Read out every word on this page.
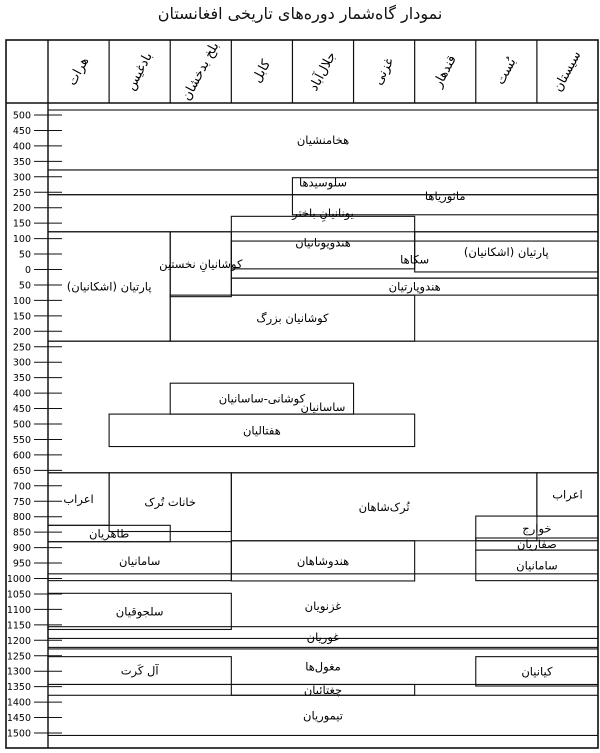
نمودار گاه‌شمار دوره‌های تاریخی افغانستان
هرات بادغیس بلخ بدخشان کابل جلال‌آباد غزنی	قندهار	بُست سیستان
500
450
400
350
300
250
200
150
100
50
0
50
100
150
200
250
300
350
400
450
500
550
600
650
700
750
800
850
900
950
1000
1050
1100
1150
1200
1250
1300
1350
1400
1450
1500
هخامنشیان
سلوسیدها
مائوریاها
یونانیانِ باختر
هندویونانیان
پارتیان (اشکانیان)
سکاها
پارتیان (اشکانیان)
کوشانیانِ نخستین
هندوپارتیان
کوشانیان بزرگ
ساسانیان
کوشانی-ساسانیان
هفتالیان
اعراب	خانات تُرک	تُرک‌شاهان
اعراب
خوارج
طاهریان
صفاریان
سامانیان	هندوشاهان	سامانیان
غزنویان
سلجوقیان
غوریان
مغول‌ها
آل کَرت	کیانیان
چغتائیان
تیموریان
